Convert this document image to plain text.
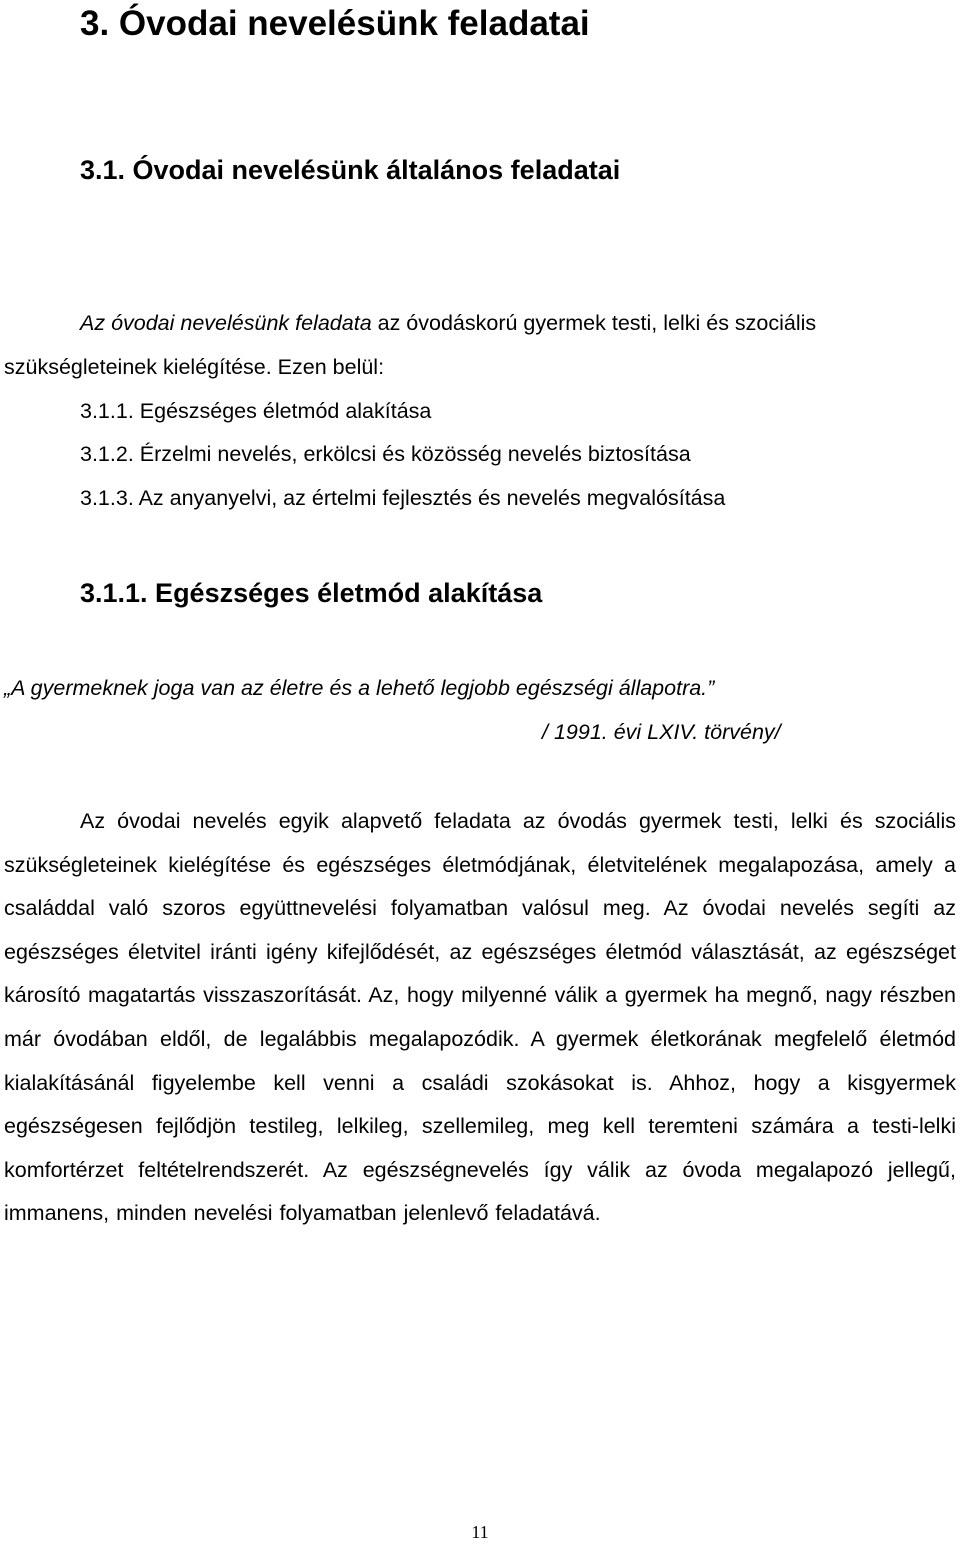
3. Óvodai nevelésünk feladatai
3.1. Óvodai nevelésünk általános feladatai

Az óvodai nevelésünk feladata az óvodáskorú gyermek testi, lelki és szociális

szükségleteinek kielégítése. Ezen belül:

3.1.1. Egészséges életmód alakítása

3.1.2. Érzelmi nevelés, erkölcsi és közösség nevelés biztosítása

3.1.3. Az anyanyelvi, az értelmi fejlesztés és nevelés megvalósítása

3.1.1. Egészséges életmód alakítása

„A gyermeknek joga van az életre és a lehető legjobb egészségi állapotra.”

/ 1991. évi LXIV. törvény/

Az óvodai nevelés egyik alapvető feladata az óvodás gyermek testi, lelki és szociális szükségleteinek kielégítése és egészséges életmódjának, életvitelének megalapozása, amely a családdal való szoros együttnevelési folyamatban valósul meg. Az óvodai nevelés segíti az egészséges életvitel iránti igény kifejlődését, az egészséges életmód választását, az egészséget károsító magatartás visszaszorítását. Az, hogy milyenné válik a gyermek ha megnő, nagy részben már óvodában eldől, de legalábbis megalapozódik. A gyermek életkorának megfelelő életmód kialakításánál figyelembe kell venni a családi szokásokat is. Ahhoz, hogy a kisgyermek egészségesen fejlődjön testileg, lelkileg, szellemileg, meg kell teremteni számára a testi-lelki komfortérzet feltételrendszerét. Az egészségnevelés így válik az óvoda megalapozó jellegű, immanens, minden nevelési folyamatban jelenlevő feladatává.

11
